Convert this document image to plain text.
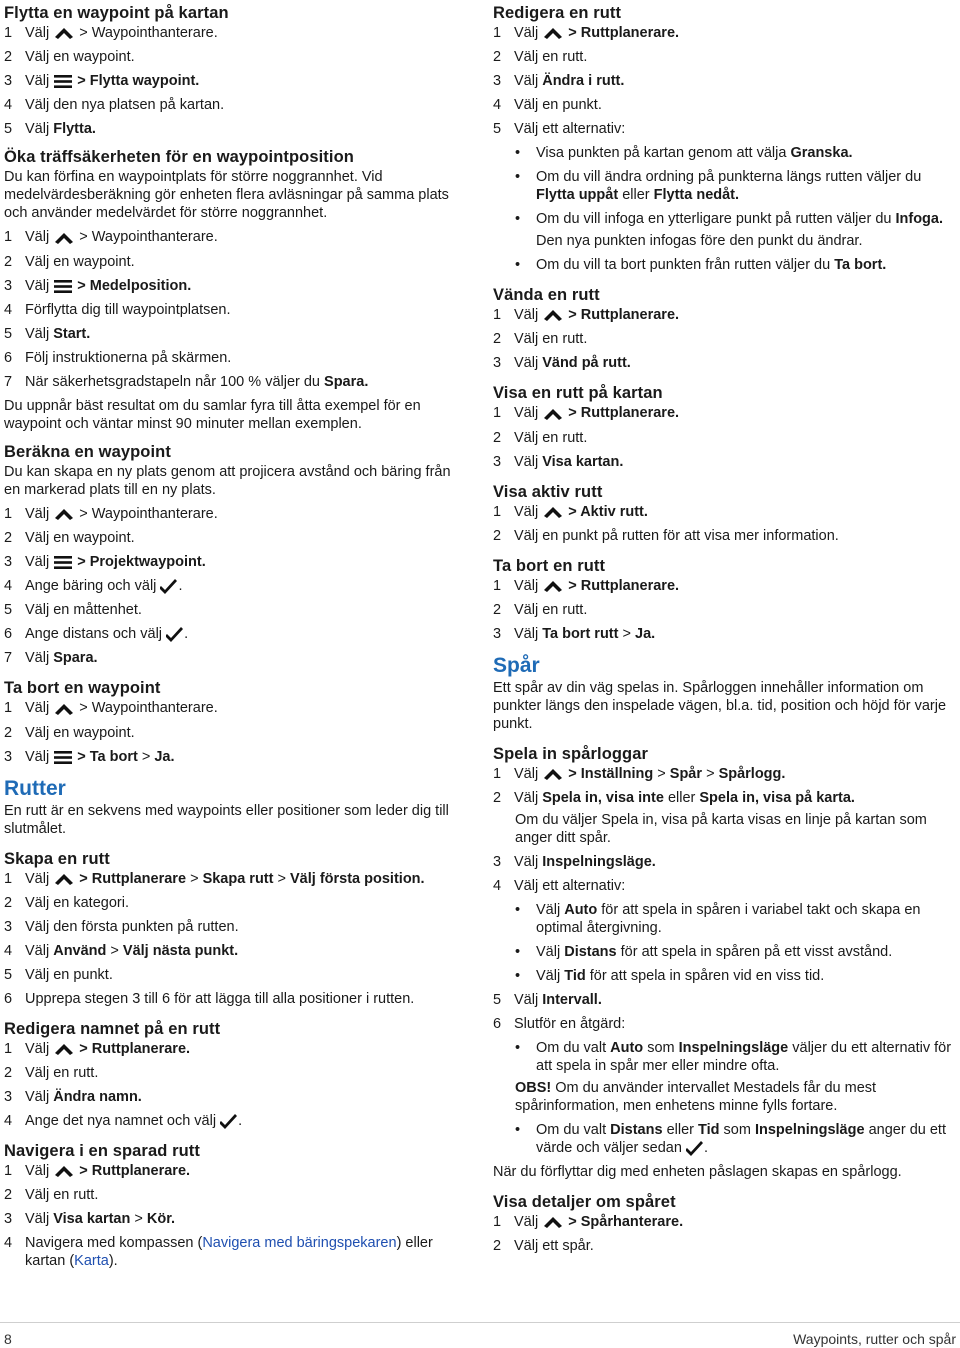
Flytta en waypoint på kartan
1 Välj > Waypointhanterare.
2 Välj en waypoint.
3 Välj > Flytta waypoint.
4 Välj den nya platsen på kartan.
5 Välj Flytta.
Öka träffsäkerheten för en waypointposition

Du kan förfina en waypointplats för större noggrannhet. Vid medelvärdesberäkning gör enheten flera avläsningar på samma plats och använder medelvärdet för större noggrannhet.

1 Välj > Waypointhanterare.
2 Välj en waypoint.
3 Välj > Medelposition.
4 Förflytta dig till waypointplatsen.
5 Välj Start.
6 Följ instruktionerna på skärmen.
7 När säkerhetsgradstapeln når 100 % väljer du Spara.

Du uppnår bäst resultat om du samlar fyra till åtta exempel för en waypoint och väntar minst 90 minuter mellan exemplen.

Beräkna en waypoint

Du kan skapa en ny plats genom att projicera avstånd och bäring från en markerad plats till en ny plats.

1 Välj > Waypointhanterare.
2 Välj en waypoint.
3 Välj > Projektwaypoint.
4 Ange bäring och välj .
5 Välj en måttenhet.
6 Ange distans och välj .
7 Välj Spara.
Ta bort en waypoint
1 Välj > Waypointhanterare.
2 Välj en waypoint.
3 Välj > Ta bort > Ja.
Rutter

En rutt är en sekvens med waypoints eller positioner som leder dig till slutmålet.

Skapa en rutt
1 Välj > Ruttplanerare > Skapa rutt > Välj första position.
2 Välj en kategori.
3 Välj den första punkten på rutten.
4 Välj Använd > Välj nästa punkt.
5 Välj en punkt.
6 Upprepa stegen 3 till 6 för att lägga till alla positioner i rutten.
Redigera namnet på en rutt
1 Välj > Ruttplanerare.
2 Välj en rutt.
3 Välj Ändra namn.
4 Ange det nya namnet och välj .
Navigera i en sparad rutt
1 Välj > Ruttplanerare.
2 Välj en rutt.
3 Välj Visa kartan > Kör.
4 Navigera med kompassen (Navigera med bäringspekaren) eller kartan (Karta).
Redigera en rutt
1 Välj > Ruttplanerare.
2 Välj en rutt.
3 Välj Ändra i rutt.
4 Välj en punkt.
5 Välj ett alternativ:
• Visa punkten på kartan genom att välja Granska.
• Om du vill ändra ordning på punkterna längs rutten väljer du Flytta uppåt eller Flytta nedåt.
• Om du vill infoga en ytterligare punkt på rutten väljer du Infoga.

Den nya punkten infogas före den punkt du ändrar.

• Om du vill ta bort punkten från rutten väljer du Ta bort.
Vända en rutt
1 Välj > Ruttplanerare.
2 Välj en rutt.
3 Välj Vänd på rutt.
Visa en rutt på kartan
1 Välj > Ruttplanerare.
2 Välj en rutt.
3 Välj Visa kartan.
Visa aktiv rutt
1 Välj > Aktiv rutt.
2 Välj en punkt på rutten för att visa mer information.
Ta bort en rutt
1 Välj > Ruttplanerare.
2 Välj en rutt.
3 Välj Ta bort rutt > Ja.
Spår

Ett spår av din väg spelas in. Spårloggen innehåller information om punkter längs den inspelade vägen, bl.a. tid, position och höjd för varje punkt.

Spela in spårloggar
1 Välj > Inställning > Spår > Spårlogg.
2 Välj Spela in, visa inte eller Spela in, visa på karta.

Om du väljer Spela in, visa på karta visas en linje på kartan som anger ditt spår.

3 Välj Inspelningsläge.
4 Välj ett alternativ:
• Välj Auto för att spela in spåren i variabel takt och skapa en optimal återgivning.
• Välj Distans för att spela in spåren på ett visst avstånd.
• Välj Tid för att spela in spåren vid en viss tid.
5 Välj Intervall.
6 Slutför en åtgärd:
• Om du valt Auto som Inspelningsläge väljer du ett alternativ för att spela in spår mer eller mindre ofta.

OBS! Om du använder intervallet Mestadels får du mest spårinformation, men enhetens minne fylls fortare.

• Om du valt Distans eller Tid som Inspelningsläge anger du ett värde och väljer sedan .

När du förflyttar dig med enheten påslagen skapas en spårlogg.

Visa detaljer om spåret
1 Välj > Spårhanterare.
2 Välj ett spår.
8	Waypoints, rutter och spår
